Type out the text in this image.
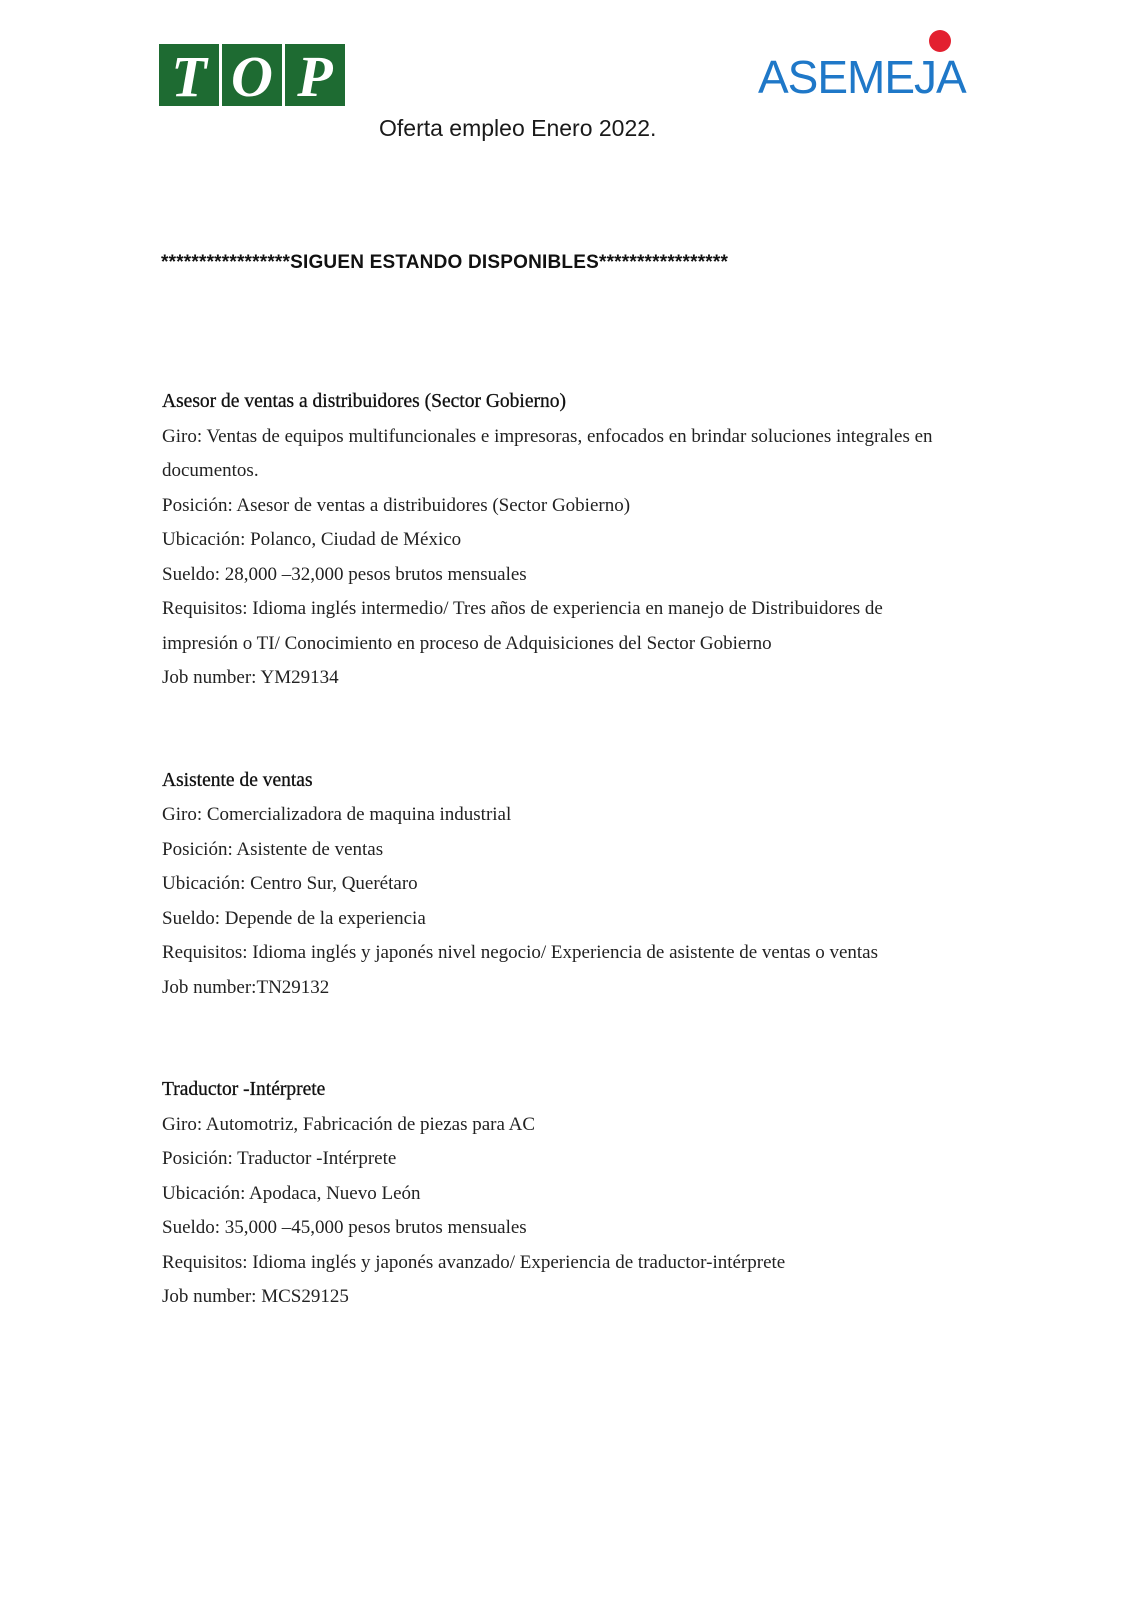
T O P	ASEMEJA
Oferta empleo Enero 2022.
*****************SIGUEN ESTANDO DISPONIBLES*****************

Asesor de ventas a distribuidores (Sector Gobierno)

Giro: Ventas de equipos multifuncionales e impresoras, enfocados en brindar soluciones integrales en documentos.

Posición: Asesor de ventas a distribuidores (Sector Gobierno)

Ubicación: Polanco, Ciudad de México

Sueldo: 28,000 –32,000 pesos brutos mensuales

Requisitos: Idioma inglés intermedio/ Tres años de experiencia en manejo de Distribuidores de impresión o TI/ Conocimiento en proceso de Adquisiciones del Sector Gobierno

Job number: YM29134

Asistente de ventas

Giro: Comercializadora de maquina industrial

Posición: Asistente de ventas

Ubicación: Centro Sur, Querétaro

Sueldo: Depende de la experiencia

Requisitos: Idioma inglés y japonés nivel negocio/ Experiencia de asistente de ventas o ventas

Job number:TN29132

Traductor -Intérprete

Giro: Automotriz, Fabricación de piezas para AC

Posición: Traductor -Intérprete

Ubicación: Apodaca, Nuevo León

Sueldo: 35,000 –45,000 pesos brutos mensuales

Requisitos: Idioma inglés y japonés avanzado/ Experiencia de traductor-intérprete

Job number: MCS29125
